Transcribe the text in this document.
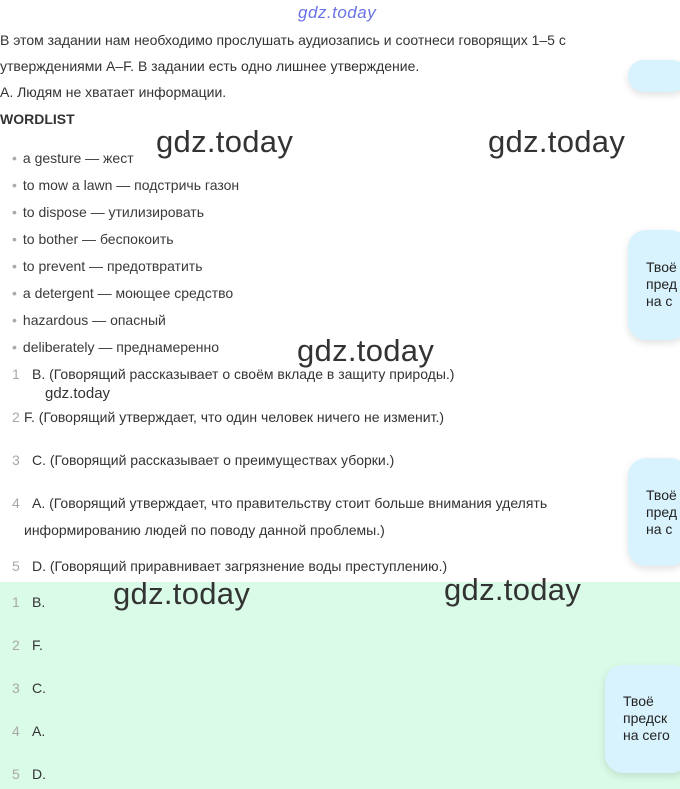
gdz.today
В этом задании нам необходимо прослушать аудиозапись и соотнеси говорящих 1–5 с
утверждениями A–F. В задании есть одно лишнее утверждение.
A. Людям не хватает информации.
WORDLIST
• a gesture — жест
• to mow a lawn — подстричь газон
• to dispose — утилизировать
• to bother — беспокоить
• to prevent — предотвратить
• a detergent — моющее средство
• hazardous — опасный
• deliberately — преднамеренно
Твоё
пред
на с
1 B. (Говорящий рассказывает о своём вкладе в защиту природы.)
2 F. (Говорящий утверждает, что один человек ничего не изменит.)
3 C. (Говорящий рассказывает о преимуществах уборки.)
4 A. (Говорящий утверждает, что правительству стоит больше внимания уделять
информированию людей по поводу данной проблемы.)
5 D. (Говорящий приравнивает загрязнение воды преступлению.)
Твоё
пред
на с
1 B.
2 F.
3 C.
4 A.
5 D.
Твоё
предск
на сего
gdz.today	gdz.today
gdz.today
gdz.today
gdz.today	gdz.today
